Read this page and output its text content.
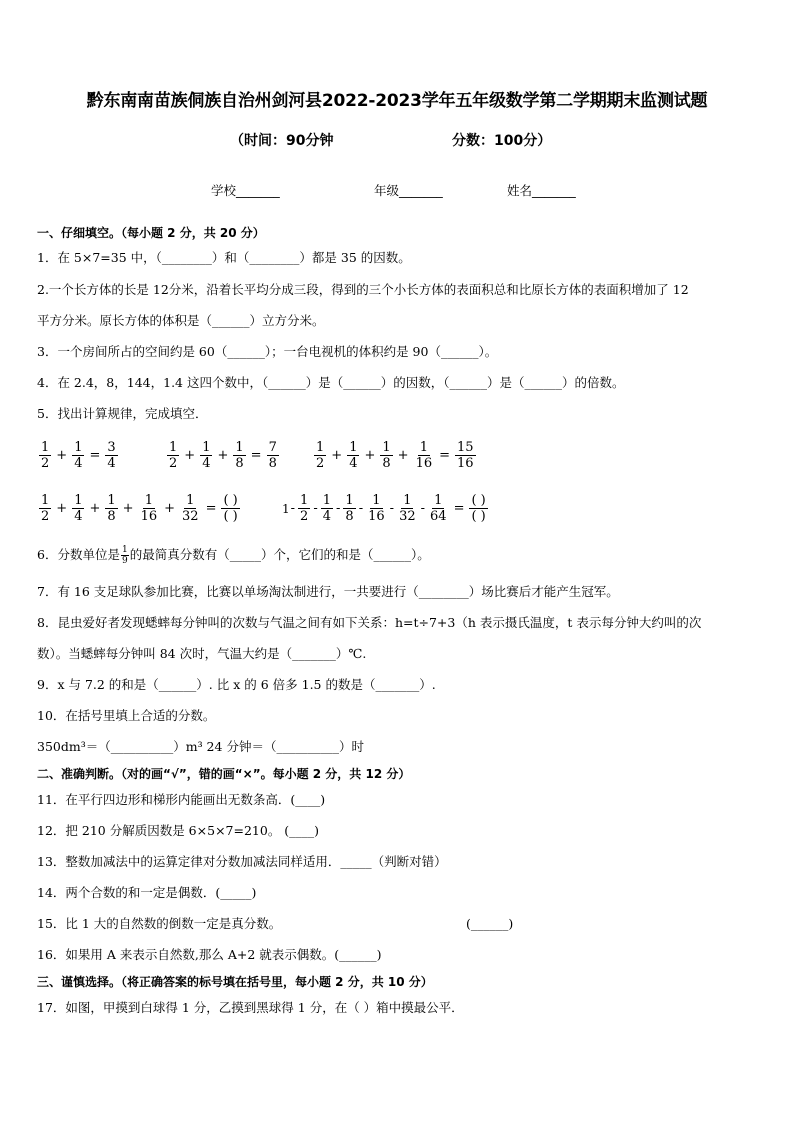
黔东南南苗族侗族自治州剑河县2022-2023学年五年级数学第二学期期末监测试题
（时间：90分钟	分数：100分）
学校_______	年级_______	姓名_______
一、仔细填空。（每小题 2 分，共 20 分）
1．在 5×7=35 中，（________）和（________）都是 35 的因数。
2.一个长方体的长是 12分米，沿着长平均分成三段，得到的三个小长方体的表面积总和比原长方体的表面积增加了 12
平方分米。原长方体的体积是（______）立方分米。
3．一个房间所占的空间约是 60（______）；一台电视机的体积约是 90（______）。
4．在 2.4，8，144，1.4 这四个数中，（______）是（______）的因数，（______）是（______）的倍数。
5．找出计算规律，完成填空．
1
2
+ $\frac{1}{4} = \frac{3}{4}$	1
2
+ $\frac{1}{4} + \frac{1}{8} = \frac{7}{8}$	1
2
+ $\frac{1}{4} + \frac{1}{8} + \frac{1}{16} = \frac{15}{16}$
1
2
+ $\frac{1}{4} + \frac{1}{8} + \frac{1}{16} + \frac{1}{32}$ =
( )
( )
1 -
1
2
-
1
4
-
1
8
-
1
16
-
1
32
- $\frac{1}{64}$ =
( )
( )
6．分数单位是 $\frac{1}{9}$ 的最简真分数有（_____）个，它们的和是（______）。
7．有 16 支足球队参加比赛，比赛以单场淘汰制进行，一共要进行（________）场比赛后才能产生冠军。
8．昆虫爱好者发现蟋蟀每分钟叫的次数与气温之间有如下关系：h=t÷7+3（h 表示摄氏温度，t 表示每分钟大约叫的次
数）。当蟋蟀每分钟叫 84 次时，气温大约是（_______）℃.
9．x 与 7.2 的和是（______）. 比 x 的 6 倍多 1.5 的数是（_______）.
10．在括号里填上合适的分数。
350dm³＝（__________）m³ 24 分钟＝（__________）时
二、准确判断。（对的画“√”，错的画“×”。每小题 2 分，共 12 分）
11．在平行四边形和梯形内能画出无数条高．(____)
12．把 210 分解质因数是 6×5×7=210。 (____)
13．整数加减法中的运算定律对分数加减法同样适用．_____（判断对错）
14．两个合数的和一定是偶数．(_____)
15．比 1 大的自然数的倒数一定是真分数。	(______)
16．如果用 A 来表示自然数,那么 A+2 就表示偶数。(______)
三、谨慎选择。（将正确答案的标号填在括号里，每小题 2 分，共 10 分）
17．如图，甲摸到白球得 1 分，乙摸到黑球得 1 分，在（ ）箱中摸最公平．
